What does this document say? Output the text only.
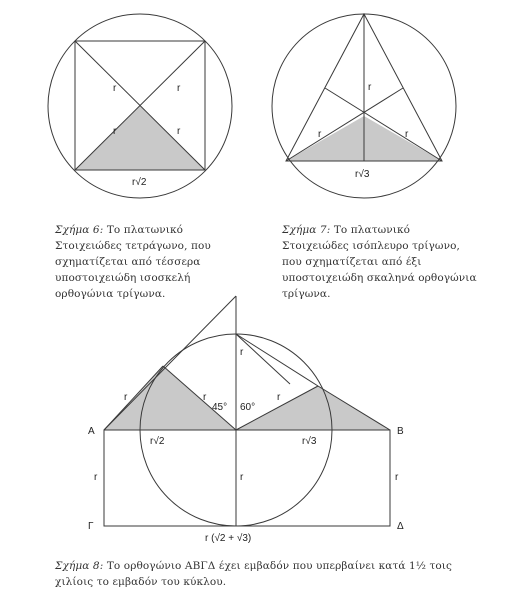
r	r
r	r
r√2
r
r	r
r√3
Α	Β
Γ	Δ
45° 60°
r	r	r
r
r	r	r
r√2	r√3
r (√2 + √3)

Σχήμα 6: Το πλατωνικό Στοιχειώδες τετράγωνο, που σχηματίζεται από τέσσερα υποστοιχειώδη ισοσκελή ορθογώνια τρίγωνα.

Σχήμα 7: Το πλατωνικό Στοιχειώδες ισόπλευρο τρίγωνο, που σχηματίζεται από έξι υποστοιχειώδη σκαληνά ορθογώνια τρίγωνα.

Σχήμα 8: Το ορθογώνιο ΑΒΓΔ έχει εμβαδόν που υπερβαίνει κατά 1½ τοις χιλίοις το εμβαδόν του κύκλου.
